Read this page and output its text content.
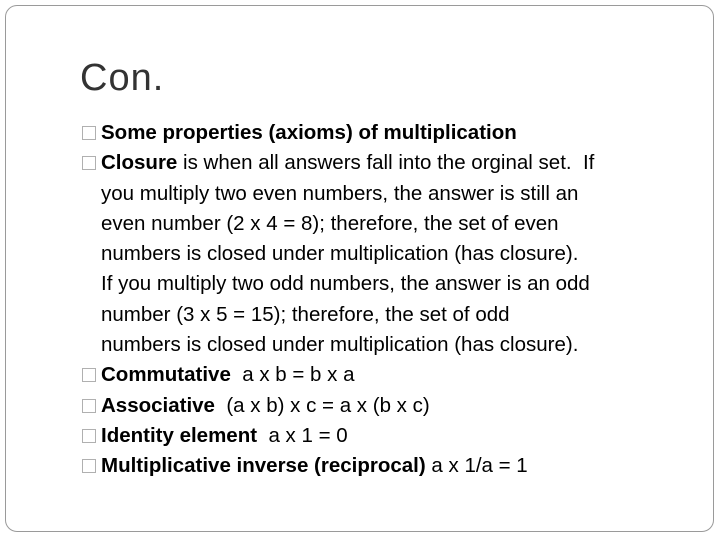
Con.
Some properties (axioms) of multiplication
Closure is when all answers fall into the orginal set.  If
you multiply two even numbers, the answer is still an
even number (2 x 4 = 8); therefore, the set of even
numbers is closed under multiplication (has closure).
If you multiply two odd numbers, the answer is an odd
number (3 x 5 = 15); therefore, the set of odd
numbers is closed under multiplication (has closure).
Commutative  a x b = b x a
Associative  (a x b) x c = a x (b x c)
Identity element  a x 1 = 0
Multiplicative inverse (reciprocal) a x 1/a = 1
